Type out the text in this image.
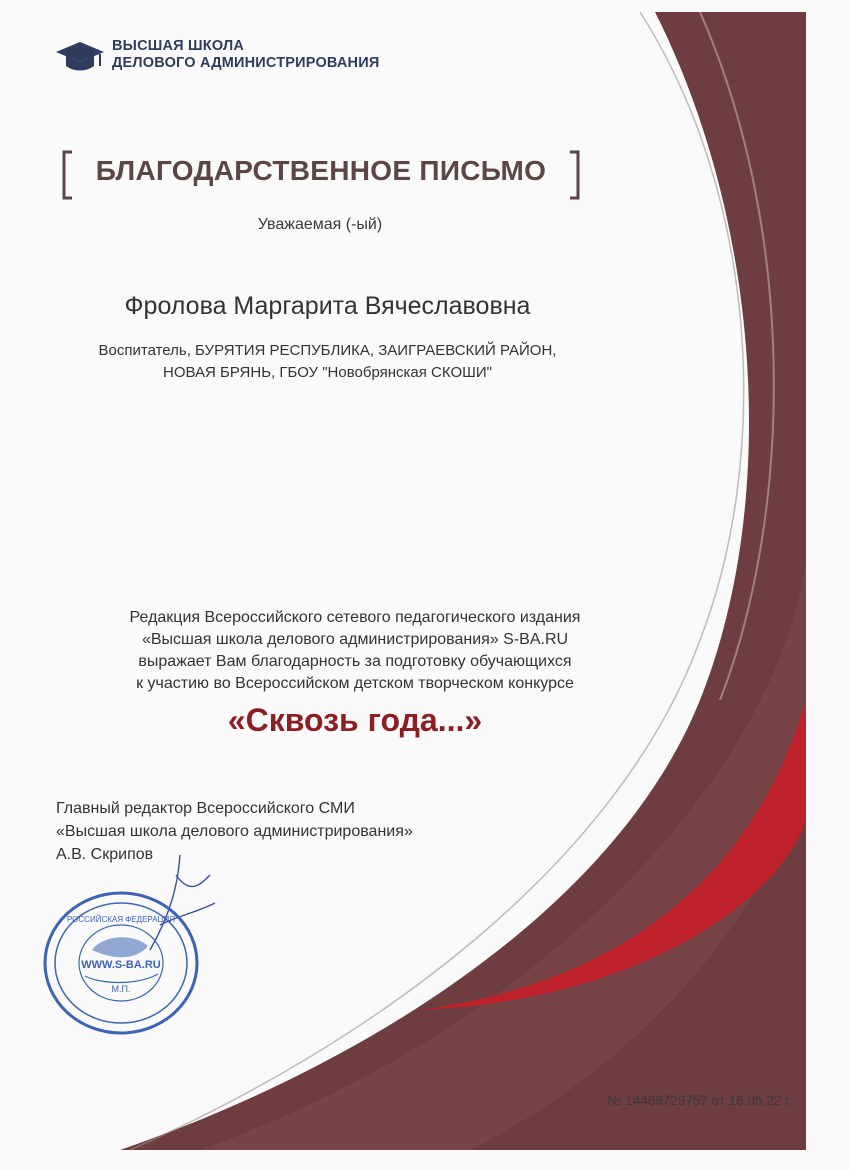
ВЫСШАЯ ШКОЛА
ДЕЛОВОГО АДМИНИСТРИРОВАНИЯ
БЛАГОДАРСТВЕННОЕ ПИСЬМО
Уважаемая (-ый)
Фролова Маргарита Вячеславовна
Воспитатель, БУРЯТИЯ РЕСПУБЛИКА, ЗАИГРАЕВСКИЙ РАЙОН,
НОВАЯ БРЯНЬ, ГБОУ "Новобрянская СКОШИ"
Редакция Всероссийского сетевого педагогического издания
«Высшая школа делового администрирования» S-BA.RU
выражает Вам благодарность за подготовку обучающихся
к участию во Всероссийском детском творческом конкурсе
«Сквозь года...»
Главный редактор Всероссийского СМИ
«Высшая школа делового администрирования»
А.В. Скрипов
WWW.S-BA.RU
РОССИЙСКАЯ ФЕДЕРАЦИЯ
М.П.
№ 14469729757 от 16.05.22 г.
